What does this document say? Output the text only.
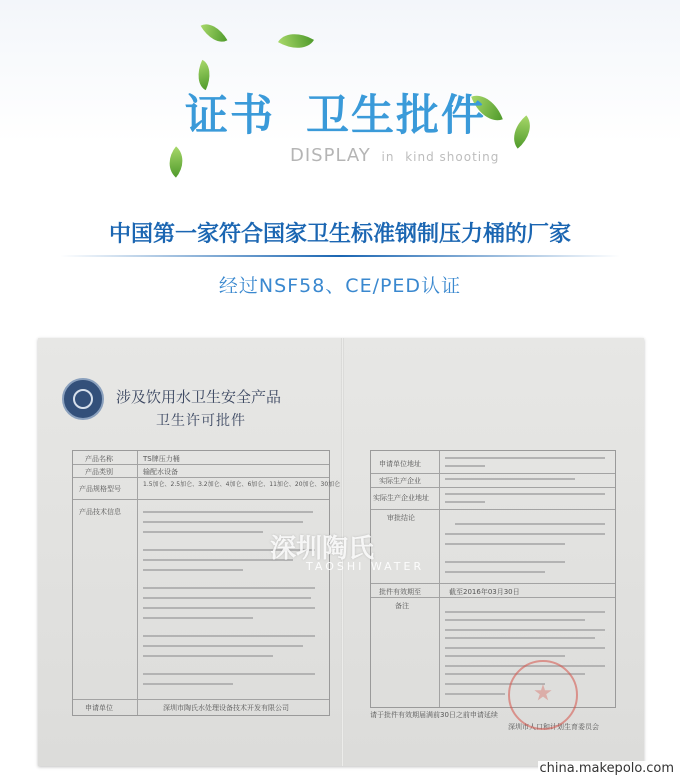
证书 卫生批件
DISPLAY in kind shooting
中国第一家符合国家卫生标准钢制压力桶的厂家
经过NSF58、CE/PED认证
涉及饮用水卫生安全产品
卫生许可批件
产品名称
产品类别
产品规格型号
产品技术信息
申请单位
TS牌压力桶
输配水设备
1.5加仑、2.5加仑、3.2加仑、4加仑、6加仑、11加仑、20加仑、30加仑
深圳市陶氏水处理设备技术开发有限公司
申请单位地址
实际生产企业
实际生产企业地址
审批结论
批件有效期至
备注
截至2016年03月30日
请于批件有效期届满前30日之前申请延续
深圳市人口和计划生育委员会
深圳陶氏
TAOSHI WATER
china.makepolo.com
